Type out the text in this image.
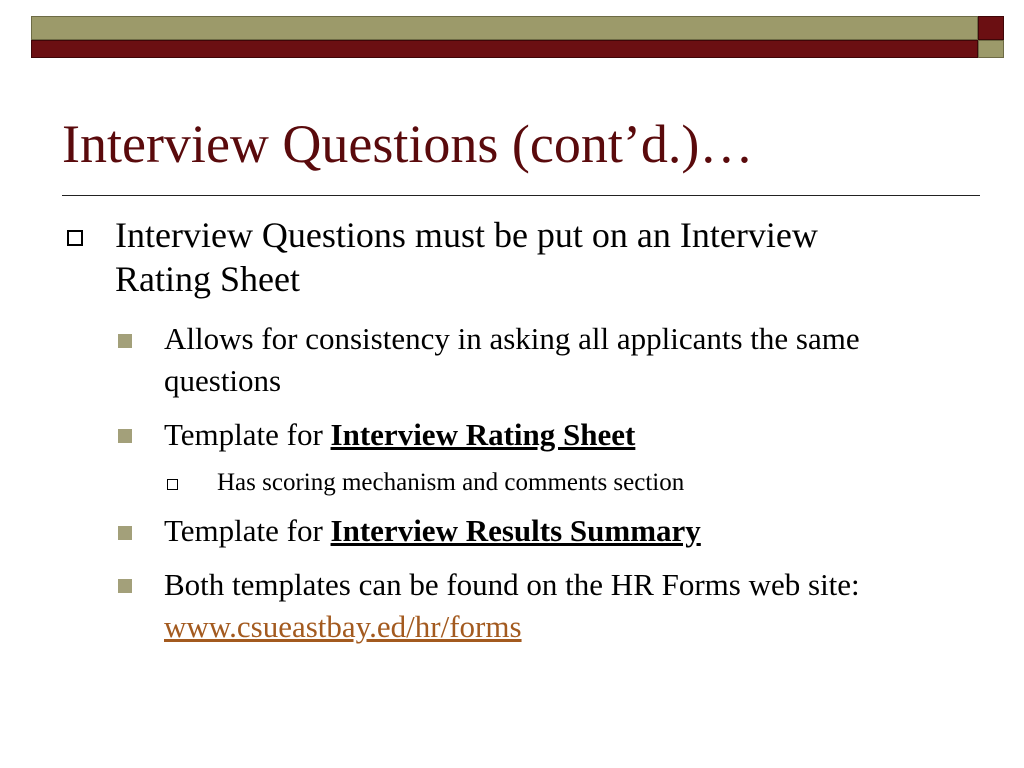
Interview Questions (cont’d.)…
Interview Questions must be put on an Interview Rating Sheet
Allows for consistency in asking all applicants the same questions
Template for Interview Rating Sheet
Has scoring mechanism and comments section
Template for Interview Results Summary
Both templates can be found on the HR Forms web site: www.csueastbay.ed/hr/forms
